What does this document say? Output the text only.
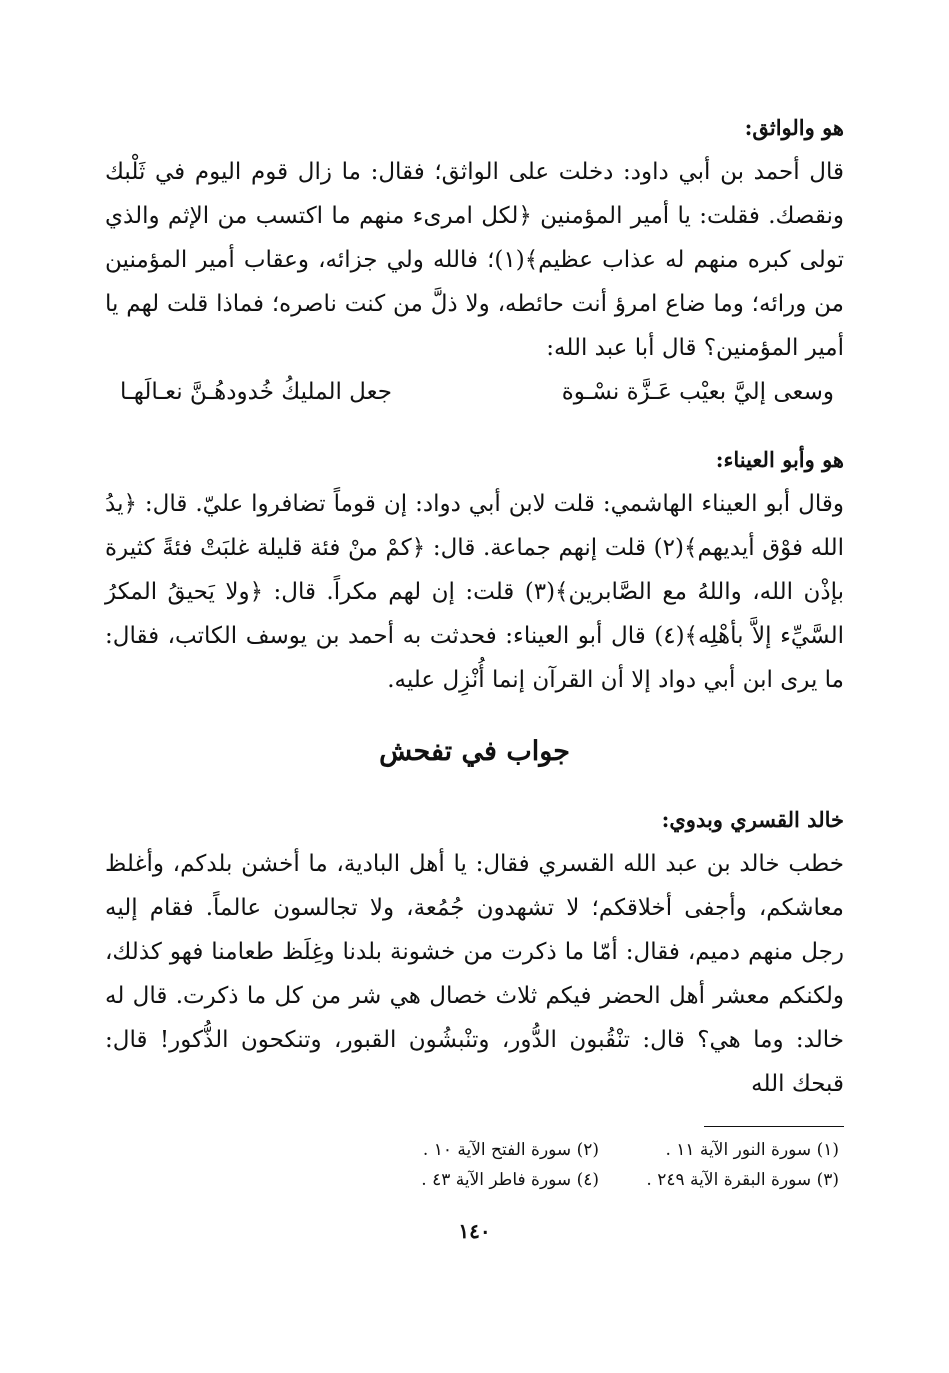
هو والواثق:

قال أحمد بن أبي داود: دخلت على الواثق؛ فقال: ما زال قوم اليوم في ثَلْبك ونقصك. فقلت: يا أمير المؤمنين ﴿لكل امرىء منهم ما اكتسب من الإثم والذي تولى كبره منهم له عذاب عظيم﴾(١)؛ فالله ولي جزائه، وعقاب أمير المؤمنين من ورائه؛ وما ضاع امرؤ أنت حائطه، ولا ذلَّ من كنت ناصره؛ فماذا قلت لهم يا أمير المؤمنين؟ قال أبا عبد الله:

وسعى إليَّ بعيْب عَـزَّة نسْـوة
جعل المليكُ خُدودهُـنَّ نعـالَهـا
هو وأبو العيناء:

وقال أبو العيناء الهاشمي: قلت لابن أبي دواد: إن قوماً تضافروا عليّ. قال: ﴿يدُ الله فوْق أيديهم﴾(٢) قلت إنهم جماعة. قال: ﴿كمْ منْ فئة قليلة غلبَتْ فئةً كثيرة بإذْن الله، واللهُ مع الصَّابرين﴾(٣) قلت: إن لهم مكراً. قال: ﴿ولا يَحيقُ المكرُ السَّيِّء إلاَّ بأهْلِه﴾(٤) قال أبو العيناء: فحدثت به أحمد بن يوسف الكاتب، فقال: ما يرى ابن أبي دواد إلا أن القرآن إنما أُنْزِل عليه.

جواب في تفحش
خالد القسري وبدوي:

خطب خالد بن عبد الله القسري فقال: يا أهل البادية، ما أخشن بلدكم، وأغلظ معاشكم، وأجفى أخلاقكم؛ لا تشهدون جُمُعة، ولا تجالسون عالماً. فقام إليه رجل منهم دميم، فقال: أمّا ما ذكرت من خشونة بلدنا وغِلَظ طعامنا فهو كذلك، ولكنكم معشر أهل الحضر فيكم ثلاث خصال هي شر من كل ما ذكرت. قال له خالد: وما هي؟ قال: تنْقُبون الدُّور، وتنْبشُون القبور، وتنكحون الذُّكور! قال: قبحك الله

(١) سورة النور الآية ١١ .
(٢) سورة الفتح الآية ١٠ .
(٣) سورة البقرة الآية ٢٤٩ .
(٤) سورة فاطر الآية ٤٣ .
١٤٠
